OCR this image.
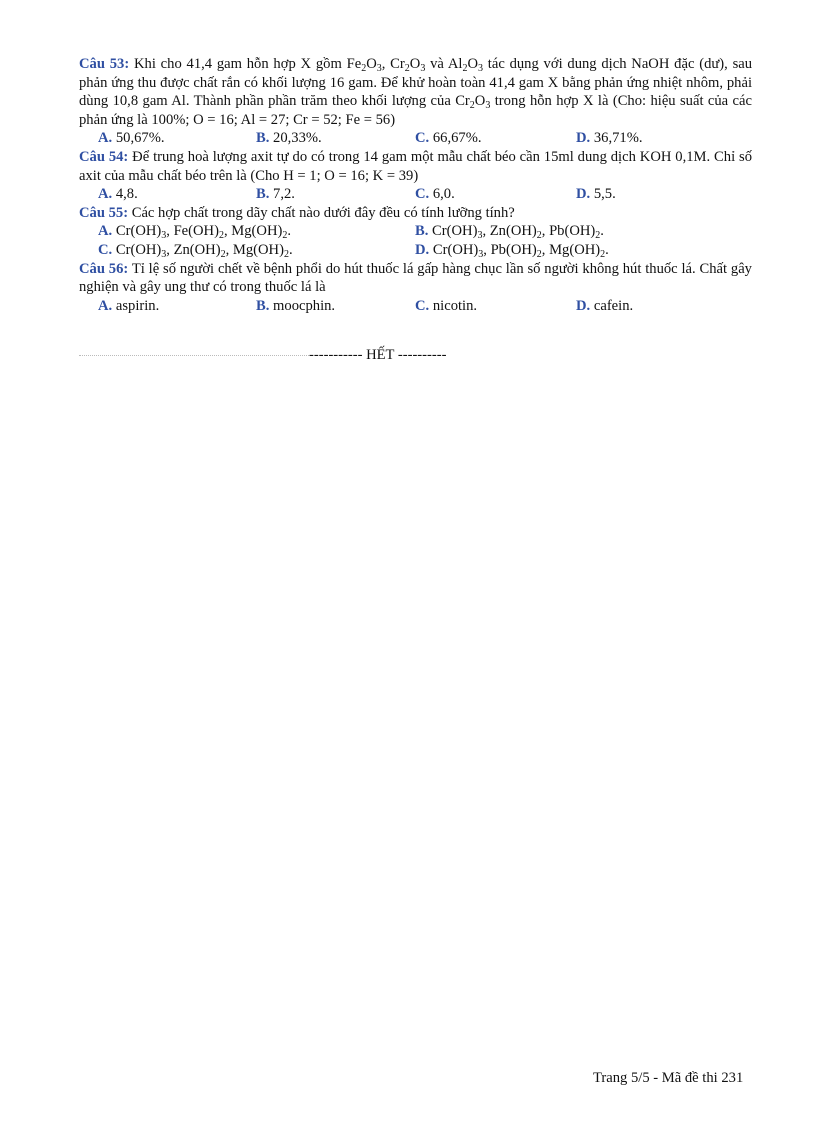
Câu 53: Khi cho 41,4 gam hỗn hợp X gồm $Fe_2O_3$, $Cr_2O_3$ và $Al_2O_3$ tác dụng với dung dịch NaOH đặc (dư), sau phản ứng thu được chất rắn có khối lượng 16 gam. Để khử hoàn toàn 41,4 gam X bằng phản ứng nhiệt nhôm, phải dùng 10,8 gam Al. Thành phần phần trăm theo khối lượng của $Cr_2O_3$ trong hỗn hợp X là (Cho: hiệu suất của các phản ứng là 100%; O = 16; Al = 27; Cr = 52; Fe = 56)
A. 50,67%.	B. 20,33%.	C. 66,67%.	D. 36,71%.
Câu 54: Để trung hoà lượng axit tự do có trong 14 gam một mẫu chất béo cần 15ml dung dịch KOH 0,1M. Chỉ số axit của mẫu chất béo trên là (Cho H = 1; O = 16; K = 39)
A. 4,8.	B. 7,2.	C. 6,0.	D. 5,5.
Câu 55: Các hợp chất trong dãy chất nào dưới đây đều có tính lưỡng tính?
A. $Cr(OH)_3$, $Fe(OH)_2$, $Mg(OH)_2$.	B. $Cr(OH)_3$, $Zn(OH)_2$, $Pb(OH)_2$.
C. $Cr(OH)_3$, $Zn(OH)_2$, $Mg(OH)_2$.	D. $Cr(OH)_3$, $Pb(OH)_2$, $Mg(OH)_2$.
Câu 56: Tỉ lệ số người chết về bệnh phổi do hút thuốc lá gấp hàng chục lần số người không hút thuốc lá. Chất gây nghiện và gây ung thư có trong thuốc lá là
A. aspirin.	B. moocphin.	C. nicotin.	D. cafein.
----------- HẾT ----------
Trang 5/5 - Mã đề thi 231
